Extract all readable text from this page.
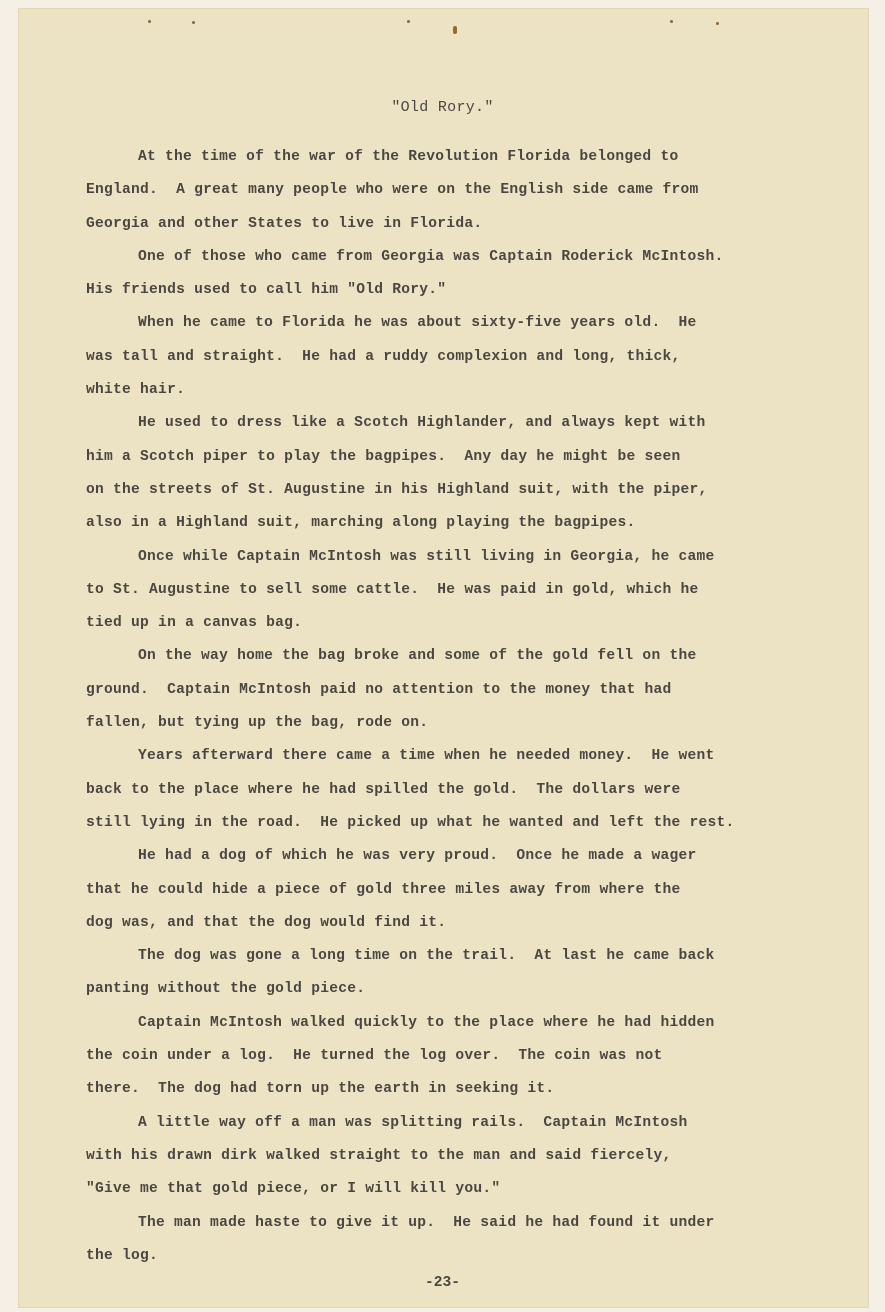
"Old Rory."
At the time of the war of the Revolution Florida belonged to
England.  A great many people who were on the English side came from
Georgia and other States to live in Florida.
One of those who came from Georgia was Captain Roderick McIntosh.
His friends used to call him "Old Rory."
When he came to Florida he was about sixty-five years old.  He
was tall and straight.  He had a ruddy complexion and long, thick,
white hair.
He used to dress like a Scotch Highlander, and always kept with
him a Scotch piper to play the bagpipes.  Any day he might be seen
on the streets of St. Augustine in his Highland suit, with the piper,
also in a Highland suit, marching along playing the bagpipes.
Once while Captain McIntosh was still living in Georgia, he came
to St. Augustine to sell some cattle.  He was paid in gold, which he
tied up in a canvas bag.
On the way home the bag broke and some of the gold fell on the
ground.  Captain McIntosh paid no attention to the money that had
fallen, but tying up the bag, rode on.
Years afterward there came a time when he needed money.  He went
back to the place where he had spilled the gold.  The dollars were
still lying in the road.  He picked up what he wanted and left the rest.
He had a dog of which he was very proud.  Once he made a wager
that he could hide a piece of gold three miles away from where the
dog was, and that the dog would find it.
The dog was gone a long time on the trail.  At last he came back
panting without the gold piece.
Captain McIntosh walked quickly to the place where he had hidden
the coin under a log.  He turned the log over.  The coin was not
there.  The dog had torn up the earth in seeking it.
A little way off a man was splitting rails.  Captain McIntosh
with his drawn dirk walked straight to the man and said fiercely,
"Give me that gold piece, or I will kill you."
The man made haste to give it up.  He said he had found it under
the log.
-23-
